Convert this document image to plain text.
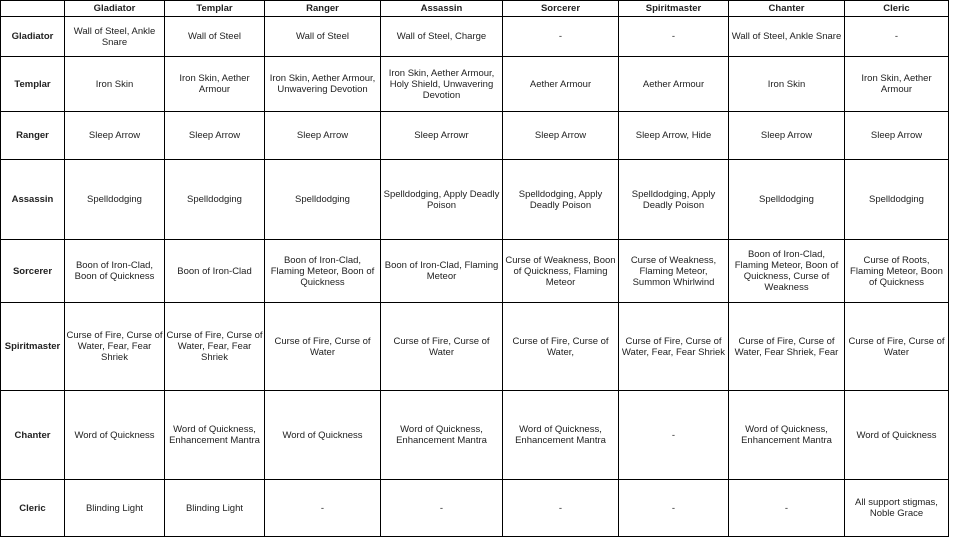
	Gladiator	Templar	Ranger	Assassin	Sorcerer	Spiritmaster	Chanter	Cleric
Gladiator	Wall of Steel, Ankle Snare	Wall of Steel	Wall of Steel	Wall of Steel, Charge	-	-	Wall of Steel, Ankle Snare	-
Templar	Iron Skin	Iron Skin, Aether Armour	Iron Skin, Aether Armour, Unwavering Devotion	Iron Skin, Aether Armour, Holy Shield, Unwavering Devotion	Aether Armour	Aether Armour	Iron Skin	Iron Skin, Aether Armour
Ranger	Sleep Arrow	Sleep Arrow	Sleep Arrow	Sleep Arrowr	Sleep Arrow	Sleep Arrow, Hide	Sleep Arrow	Sleep Arrow
Assassin	Spelldodging	Spelldodging	Spelldodging	Spelldodging, Apply Deadly Poison	Spelldodging, Apply Deadly Poison	Spelldodging, Apply Deadly Poison	Spelldodging	Spelldodging
Sorcerer	Boon of Iron-Clad, Boon of Quickness	Boon of Iron-Clad	Boon of Iron-Clad, Flaming Meteor, Boon of Quickness	Boon of Iron-Clad, Flaming Meteor	Curse of Weakness, Boon of Quickness, Flaming Meteor	Curse of Weakness, Flaming Meteor, Summon Whirlwind	Boon of Iron-Clad, Flaming Meteor, Boon of Quickness, Curse of Weakness	Curse of Roots, Flaming Meteor, Boon of Quickness
Spiritmaster	Curse of Fire, Curse of Water, Fear, Fear Shriek	Curse of Fire, Curse of Water, Fear, Fear Shriek	Curse of Fire, Curse of Water	Curse of Fire, Curse of Water	Curse of Fire, Curse of Water,	Curse of Fire, Curse of Water, Fear, Fear Shriek	Curse of Fire, Curse of Water, Fear Shriek, Fear	Curse of Fire, Curse of Water
Chanter	Word of Quickness	Word of Quickness, Enhancement Mantra	Word of Quickness	Word of Quickness, Enhancement Mantra	Word of Quickness, Enhancement Mantra	-	Word of Quickness, Enhancement Mantra	Word of Quickness
Cleric	Blinding Light	Blinding Light	-	-	-	-	-	All support stigmas, Noble Grace
